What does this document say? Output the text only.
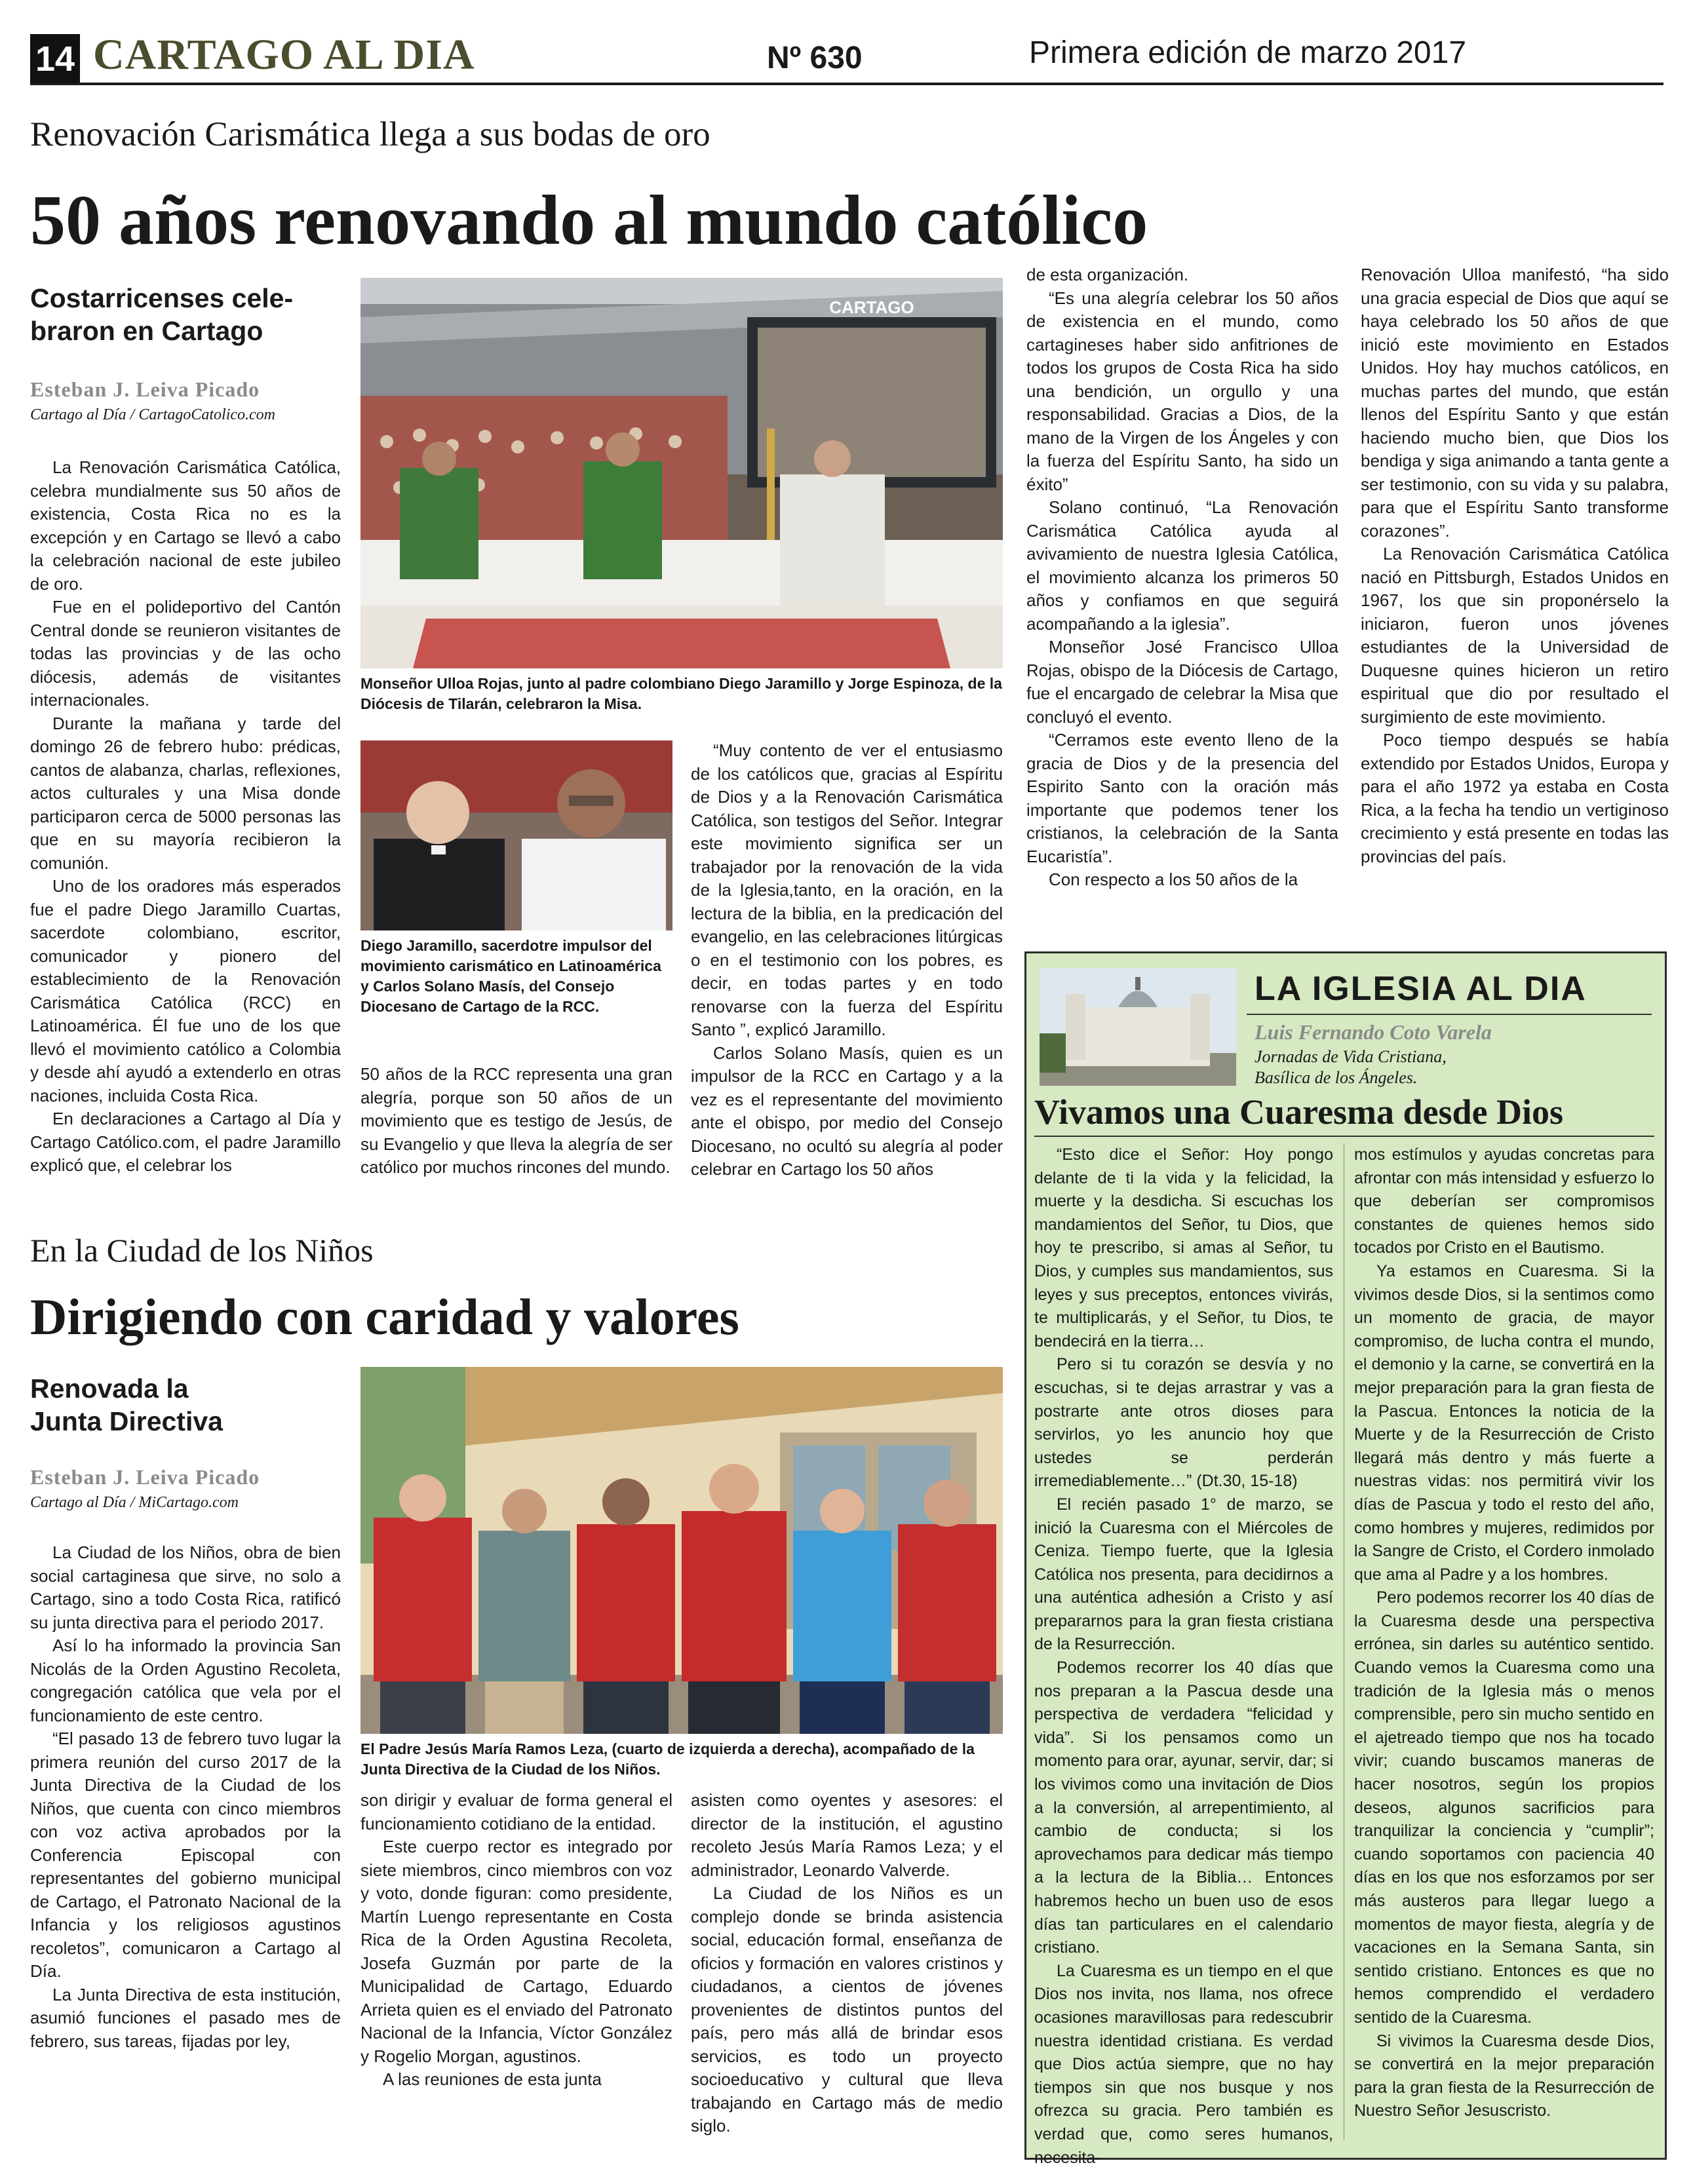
14 CARTAGO AL DIA	Nº 630	Primera edición de marzo 2017
Renovación Carismática llega a sus bodas de oro
50 años renovando al mundo católico
Costarricenses cele-
braron en Cartago
Esteban J. Leiva Picado
Cartago al Día / CartagoCatolico.com

La Renovación Carismática Católica, celebra mundialmente sus 50 años de existencia, Costa Rica no es la excepción y en Cartago se llevó a cabo la celebración nacional de este jubileo de oro.

Fue en el polideportivo del Cantón Central donde se reunieron visitantes de todas las provincias y de las ocho diócesis, además de visitantes internacionales.

Durante la mañana y tarde del domingo 26 de febrero hubo: prédicas, cantos de alabanza, charlas, reflexiones, actos culturales y una Misa donde participaron cerca de 5000 personas las que en su mayoría recibieron la comunión.

Uno de los oradores más esperados fue el padre Diego Jaramillo Cuartas, sacerdote colombiano, escritor, comunicador y pionero del establecimiento de la Renovación Carismática Católica (RCC) en Latinoamérica. Él fue uno de los que llevó el movimiento católico a Colombia y desde ahí ayudó a extenderlo en otras naciones, incluida Costa Rica.

En declaraciones a Cartago al Día y Cartago Católico.com, el padre Jaramillo explicó que, el celebrar los

CARTAGO
Monseñor Ulloa Rojas, junto al padre colombiano Diego Jaramillo y Jorge Espinoza, de la Diócesis de Tilarán, celebraron la Misa.
Diego Jaramillo, sacerdotre impulsor del movimiento carismático en Latinoamérica y Carlos Solano Masís, del Consejo Diocesano de Cartago de la RCC.

50 años de la RCC representa una gran alegría, porque son 50 años de un movimiento que es testigo de Jesús, de su Evangelio y que lleva la alegría de ser católico por muchos rincones del mundo.

“Muy contento de ver el entusiasmo de los católicos que, gracias al Espíritu de Dios y a la Renovación Carismática Católica, son testigos del Señor. Integrar este movimiento significa ser un trabajador por la renovación de la vida de la Iglesia,tanto, en la oración, en la lectura de la biblia, en la predicación del evangelio, en las celebraciones litúrgicas o en el testimonio con los pobres, es decir, en todas partes y en todo renovarse con la fuerza del Espíritu Santo ”, explicó Jaramillo.

Carlos Solano Masís, quien es un impulsor de la RCC en Cartago y a la vez es el representante del movimiento ante el obispo, por medio del Consejo Diocesano, no ocultó su alegría al poder celebrar en Cartago los 50 años

de esta organización.

“Es una alegría celebrar los 50 años de existencia en el mundo, como cartagineses haber sido anfitriones de todos los grupos de Costa Rica ha sido una bendición, un orgullo y una responsabilidad. Gracias a Dios, de la mano de la Virgen de los Ángeles y con la fuerza del Espíritu Santo, ha sido un éxito”

Solano continuó, “La Renovación Carismática Católica ayuda al avivamiento de nuestra Iglesia Católica, el movimiento alcanza los primeros 50 años y confiamos en que seguirá acompañando a la iglesia”.

Monseñor José Francisco Ulloa Rojas, obispo de la Diócesis de Cartago, fue el encargado de celebrar la Misa que concluyó el evento.

“Cerramos este evento lleno de la gracia de Dios y de la presencia del Espirito Santo con la oración más importante que podemos tener los cristianos, la celebración de la Santa Eucaristía”.

Con respecto a los 50 años de la

Renovación Ulloa manifestó, “ha sido una gracia especial de Dios que aquí se haya celebrado los 50 años de que inició este movimiento en Estados Unidos. Hoy hay muchos católicos, en muchas partes del mundo, que están llenos del Espíritu Santo y que están haciendo mucho bien, que Dios los bendiga y siga animando a tanta gente a ser testimonio, con su vida y su palabra, para que el Espíritu Santo transforme corazones”.

La Renovación Carismática Católica nació en Pittsburgh, Estados Unidos en 1967, los que sin proponérselo la iniciaron, fueron unos jóvenes estudiantes de la Universidad de Duquesne quines hicieron un retiro espiritual que dio por resultado el surgimiento de este movimiento.

Poco tiempo después se había extendido por Estados Unidos, Europa y para el año 1972 ya estaba en Costa Rica, a la fecha ha tendio un vertiginoso crecimiento y está presente en todas las provincias del país.

En la Ciudad de los Niños
Dirigiendo con caridad y valores
Renovada la
Junta Directiva
Esteban J. Leiva Picado
Cartago al Día / MiCartago.com

La Ciudad de los Niños, obra de bien social cartaginesa que sirve, no solo a Cartago, sino a todo Costa Rica, ratificó su junta directiva para el periodo 2017.

Así lo ha informado la provincia San Nicolás de la Orden Agustino Recoleta, congregación católica que vela por el funcionamiento de este centro.

“El pasado 13 de febrero tuvo lugar la primera reunión del curso 2017 de la Junta Directiva de la Ciudad de los Niños, que cuenta con cinco miembros con voz activa aprobados por la Conferencia Episcopal con representantes del gobierno municipal de Cartago, el Patronato Nacional de la Infancia y los religiosos agustinos recoletos”, comunicaron a Cartago al Día.

La Junta Directiva de esta institución, asumió funciones el pasado mes de febrero, sus tareas, fijadas por ley,

El Padre Jesús María Ramos Leza, (cuarto de izquierda a derecha), acompañado de la Junta Directiva de la Ciudad de los Niños.

son dirigir y evaluar de forma general el funcionamiento cotidiano de la entidad.

Este cuerpo rector es integrado por siete miembros, cinco miembros con voz y voto, donde figuran: como presidente, Martín Luengo representante en Costa Rica de la Orden Agustina Recoleta, Josefa Guzmán por parte de la Municipalidad de Cartago, Eduardo Arrieta quien es el enviado del Patronato Nacional de la Infancia, Víctor González y Rogelio Morgan, agustinos.

A las reuniones de esta junta

asisten como oyentes y asesores: el director de la institución, el agustino recoleto Jesús María Ramos Leza; y el administrador, Leonardo Valverde.

La Ciudad de los Niños es un complejo donde se brinda asistencia social, educación formal, enseñanza de oficios y formación en valores cristinos y ciudadanos, a cientos de jóvenes provenientes de distintos puntos del país, pero más allá de brindar esos servicios, es todo un proyecto socioeducativo y cultural que lleva trabajando en Cartago más de medio siglo.

LA IGLESIA AL DIA
Luis Fernando Coto Varela
Jornadas de Vida Cristiana,
Basílica de los Ángeles.
Vivamos una Cuaresma desde Dios

“Esto dice el Señor: Hoy pongo delante de ti la vida y la felicidad, la muerte y la desdicha. Si escuchas los mandamientos del Señor, tu Dios, que hoy te prescribo, si amas al Señor, tu Dios, y cumples sus mandamientos, sus leyes y sus preceptos, entonces vivirás, te multiplicarás, y el Señor, tu Dios, te bendecirá en la tierra…

Pero si tu corazón se desvía y no escuchas, si te dejas arrastrar y vas a postrarte ante otros dioses para servirlos, yo les anuncio hoy que ustedes se perderán irremediablemente…” (Dt.30, 15-18)

El recién pasado 1° de marzo, se inició la Cuaresma con el Miércoles de Ceniza. Tiempo fuerte, que la Iglesia Católica nos presenta, para decidirnos a una auténtica adhesión a Cristo y así prepararnos para la gran fiesta cristiana de la Resurrección.

Podemos recorrer los 40 días que nos preparan a la Pascua desde una perspectiva de verdadera “felicidad y vida”. Si los pensamos como un momento para orar, ayunar, servir, dar; si los vivimos como una invitación de Dios a la conversión, al arrepentimiento, al cambio de conducta; si los aprovechamos para dedicar más tiempo a la lectura de la Biblia… Entonces habremos hecho un buen uso de esos días tan particulares en el calendario cristiano.

La Cuaresma es un tiempo en el que Dios nos invita, nos llama, nos ofrece ocasiones maravillosas para redescubrir nuestra identidad cristiana. Es verdad que Dios actúa siempre, que no hay tiempos sin que nos busque y nos ofrezca su gracia. Pero también es verdad que, como seres humanos, necesita-

mos estímulos y ayudas concretas para afrontar con más intensidad y esfuerzo lo que deberían ser compromisos constantes de quienes hemos sido tocados por Cristo en el Bautismo.

Ya estamos en Cuaresma. Si la vivimos desde Dios, si la sentimos como un momento de gracia, de mayor compromiso, de lucha contra el mundo, el demonio y la carne, se convertirá en la mejor preparación para la gran fiesta de la Pascua. Entonces la noticia de la Muerte y de la Resurrección de Cristo llegará más dentro y más fuerte a nuestras vidas: nos permitirá vivir los días de Pascua y todo el resto del año, como hombres y mujeres, redimidos por la Sangre de Cristo, el Cordero inmolado que ama al Padre y a los hombres.

Pero podemos recorrer los 40 días de la Cuaresma desde una perspectiva errónea, sin darles su auténtico sentido. Cuando vemos la Cuaresma como una tradición de la Iglesia más o menos comprensible, pero sin mucho sentido en el ajetreado tiempo que nos ha tocado vivir; cuando buscamos maneras de hacer nosotros, según los propios deseos, algunos sacrificios para tranquilizar la conciencia y “cumplir”; cuando soportamos con paciencia 40 días en los que nos esforzamos por ser más austeros para llegar luego a momentos de mayor fiesta, alegría y de vacaciones en la Semana Santa, sin sentido cristiano. Entonces es que no hemos comprendido el verdadero sentido de la Cuaresma.

Si vivimos la Cuaresma desde Dios, se convertirá en la mejor preparación para la gran fiesta de la Resurrección de Nuestro Señor Jesuscristo.
